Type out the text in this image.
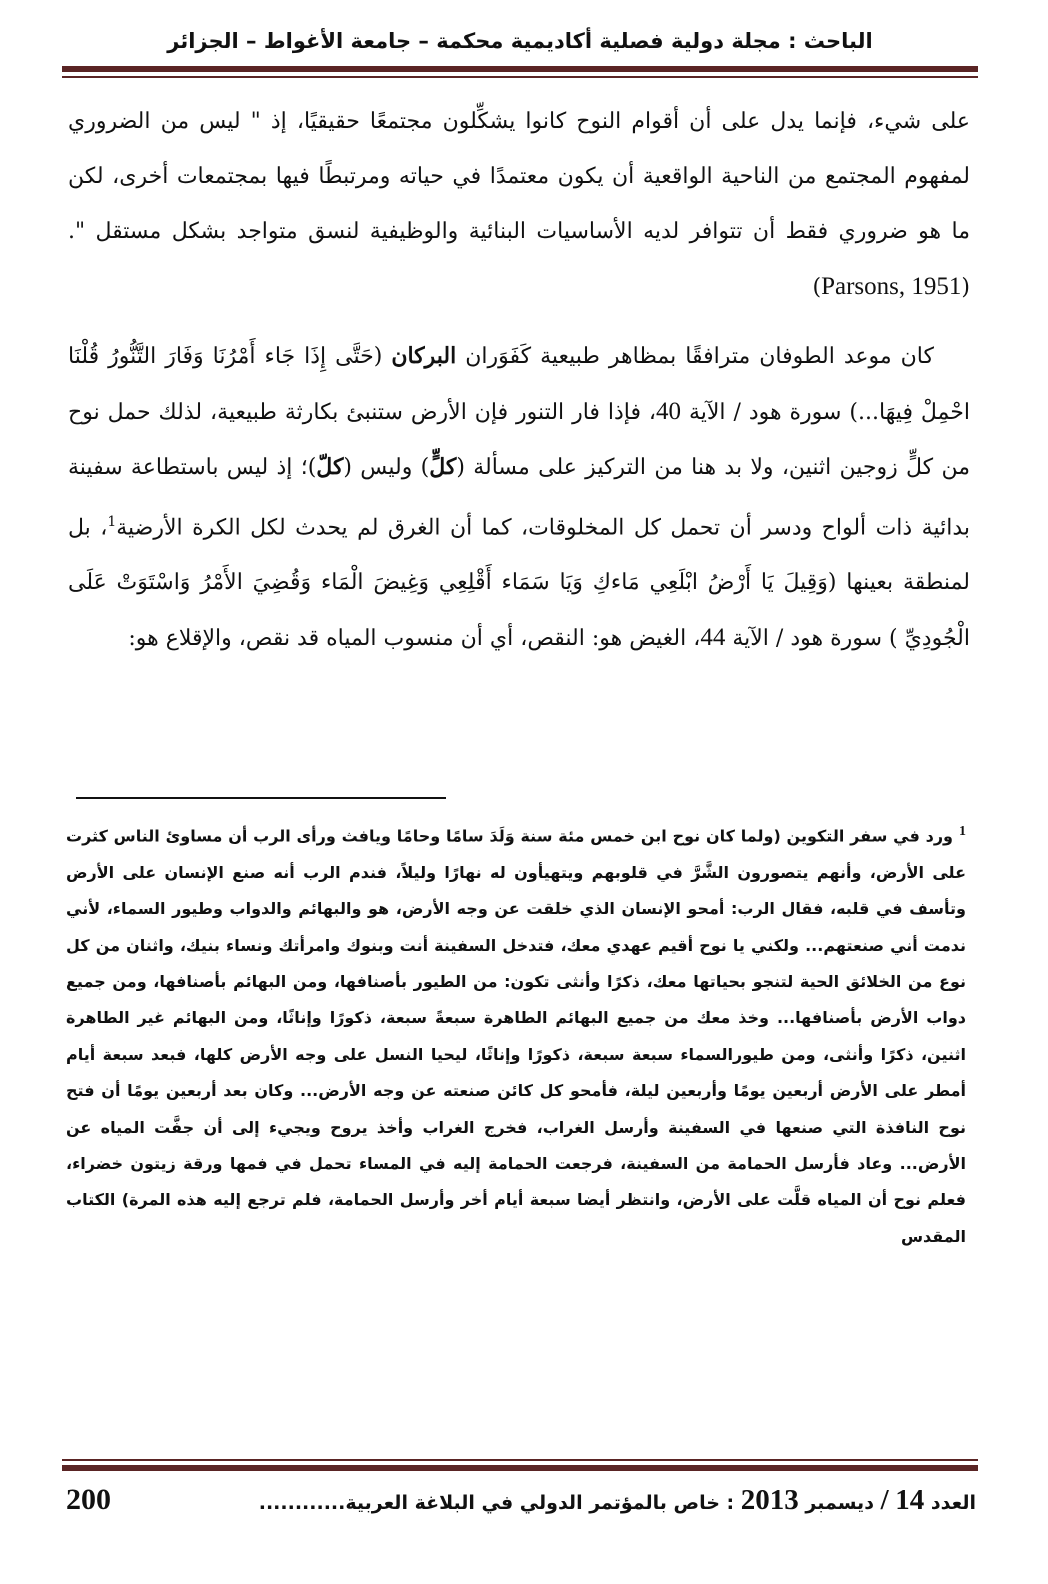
الباحث : مجلة دولية فصلية أكاديمية محكمة – جامعة الأغواط – الجزائر

على شيء، فإنما يدل على أن أقوام النوح كانوا يشكِّلون مجتمعًا حقيقيًا، إذ " ليس من الضروري لمفهوم المجتمع من الناحية الواقعية أن يكون معتمدًا في حياته ومرتبطًا فيها بمجتمعات أخرى، لكن ما هو ضروري فقط أن تتوافر لديه الأساسيات البنائية والوظيفية لنسق متواجد بشكل مستقل ".(Parsons, 1951)

كان موعد الطوفان مترافقًا بمظاهر طبيعية كَفَوَران البركان (حَتَّى إِذَا جَاء أَمْرُنَا وَفَارَ التَّنُّورُ قُلْنَا احْمِلْ فِيهَا...) سورة هود / الآية 40، فإذا فار التنور فإن الأرض ستنبئ بكارثة طبيعية، لذلك حمل نوح من كلٍّ زوجين اثنين، ولا بد هنا من التركيز على مسألة (كلٍّ) وليس (كلّ)؛ إذ ليس باستطاعة سفينة بدائية ذات ألواح ودسر أن تحمل كل المخلوقات، كما أن الغرق لم يحدث لكل الكرة الأرضية$^1$، بل لمنطقة بعينها (وَقِيلَ يَا أَرْضُ ابْلَعِي مَاءكِ وَيَا سَمَاء أَقْلِعِي وَغِيضَ الْمَاء وَقُضِيَ الأَمْرُ وَاسْتَوَتْ عَلَى الْجُودِيِّ ) سورة هود / الآية 44، الغيض هو: النقص، أي أن منسوب المياه قد نقص، والإقلاع هو:

1ورد في سفر التكوين (ولما كان نوح ابن خمس مئة سنة وَلَدَ سامًا وحامًا ويافث ورأى الرب أن مساوئ الناس كثرت على الأرض، وأنهم يتصورون الشَّرَّ في قلوبهم ويتهيأون له نهارًا وليلاً، فندم الرب أنه صنع الإنسان على الأرض وتأسف في قلبه، فقال الرب: أمحو الإنسان الذي خلقت عن وجه الأرض، هو والبهائم والدواب وطيور السماء، لأني ندمت أني صنعتهم... ولكني يا نوح أقيم عهدي معك، فتدخل السفينة أنت وبنوك وامرأتك ونساء بنيك، واثنان من كل نوع من الخلائق الحية لتنجو بحياتها معك، ذكرًا وأنثى تكون: من الطيور بأصنافها، ومن البهائم بأصنافها، ومن جميع دواب الأرض بأصنافها... وخذ معك من جميع البهائم الطاهرة سبعةً سبعة، ذكورًا وإناثًا، ومن البهائم غير الطاهرة اثنين، ذكرًا وأنثى، ومن طيورالسماء سبعة سبعة، ذكورًا وإناثًا، ليحيا النسل على وجه الأرض كلها، فبعد سبعة أيام أمطر على الأرض أربعين يومًا وأربعين ليلة، فأمحو كل كائن صنعته عن وجه الأرض... وكان بعد أربعين يومًا أن فتح نوح النافذة التي صنعها في السفينة وأرسل الغراب، فخرج الغراب وأخذ يروح ويجيء إلى أن جفَّت المياه عن الأرض... وعاد فأرسل الحمامة من السفينة، فرجعت الحمامة إليه في المساء تحمل في فمها ورقة زيتون خضراء، فعلم نوح أن المياه قلَّت على الأرض، وانتظر أيضا سبعة أيام أخر وأرسل الحمامة، فلم ترجع إليه هذه المرة) الكتاب المقدس

العدد 14 / ديسمبر 2013 : خاص بالمؤتمر الدولي في البلاغة العربية............
200
